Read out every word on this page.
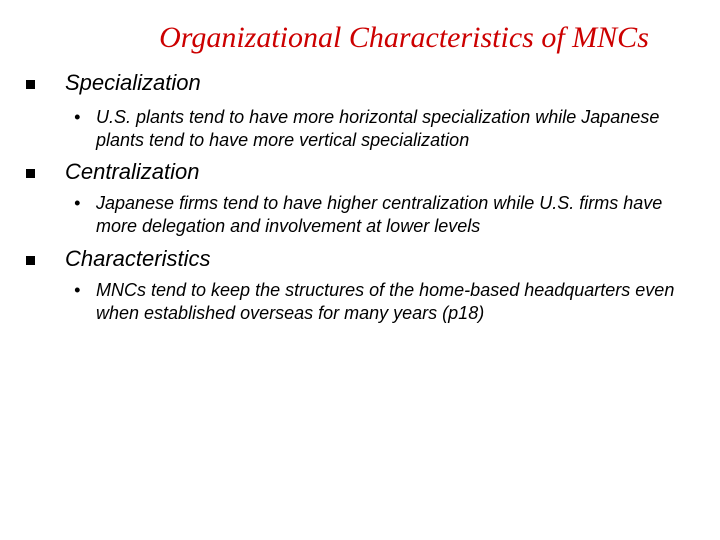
Organizational Characteristics of MNCs
Specialization
• U.S. plants tend to have more horizontal specialization while Japanese plants tend to have more vertical specialization
Centralization
• Japanese firms tend to have higher centralization while U.S. firms have more delegation and involvement at lower levels
Characteristics
• MNCs tend to keep the structures of the home-based headquarters even when established overseas for many years (p18)
